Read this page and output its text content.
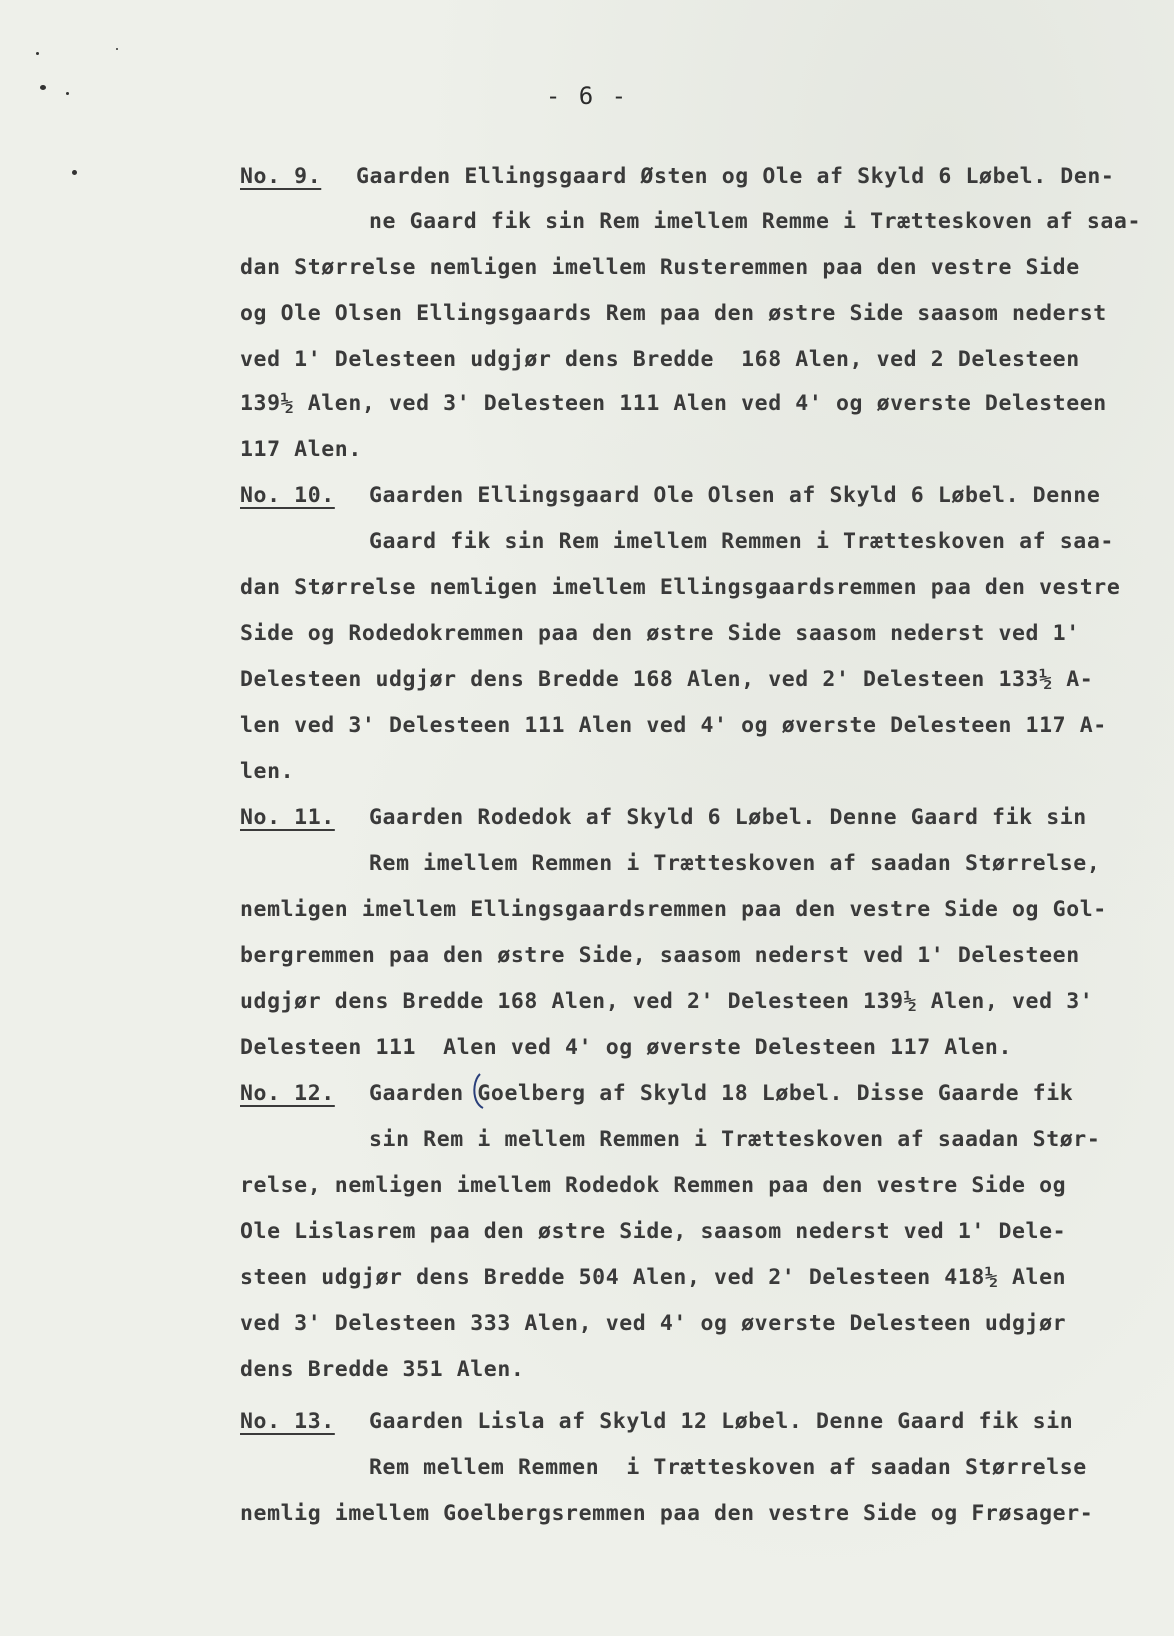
- 6 -
No. 9. Gaarden Ellingsgaard Østen og Ole af Skyld 6 Løbel. Den-
ne Gaard fik sin Rem imellem Remme i Trætteskoven af saa-
dan Størrelse nemligen imellem Rusteremmen paa den vestre Side
og Ole Olsen Ellingsgaards Rem paa den østre Side saasom nederst
ved 1' Delesteen udgjør dens Bredde  168 Alen, ved 2 Delesteen
139½ Alen, ved 3' Delesteen 111 Alen ved 4' og øverste Delesteen
117 Alen.
No. 10. Gaarden Ellingsgaard Ole Olsen af Skyld 6 Løbel. Denne
Gaard fik sin Rem imellem Remmen i Trætteskoven af saa-
dan Størrelse nemligen imellem Ellingsgaardsremmen paa den vestre
Side og Rodedokremmen paa den østre Side saasom nederst ved 1'
Delesteen udgjør dens Bredde 168 Alen, ved 2' Delesteen 133½ A-
len ved 3' Delesteen 111 Alen ved 4' og øverste Delesteen 117 A-
len.
No. 11. Gaarden Rodedok af Skyld 6 Løbel. Denne Gaard fik sin
Rem imellem Remmen i Trætteskoven af saadan Størrelse,
nemligen imellem Ellingsgaardsremmen paa den vestre Side og Gol-
bergremmen paa den østre Side, saasom nederst ved 1' Delesteen
udgjør dens Bredde 168 Alen, ved 2' Delesteen 139½ Alen, ved 3'
Delesteen 111  Alen ved 4' og øverste Delesteen 117 Alen.
No. 12. Gaarden Goelberg af Skyld 18 Løbel. Disse Gaarde fik
sin Rem i mellem Remmen i Trætteskoven af saadan Stør-
relse, nemligen imellem Rodedok Remmen paa den vestre Side og
Ole Lislasrem paa den østre Side, saasom nederst ved 1' Dele-
steen udgjør dens Bredde 504 Alen, ved 2' Delesteen 418½ Alen
ved 3' Delesteen 333 Alen, ved 4' og øverste Delesteen udgjør
dens Bredde 351 Alen.
No. 13. Gaarden Lisla af Skyld 12 Løbel. Denne Gaard fik sin
Rem mellem Remmen  i Trætteskoven af saadan Størrelse
nemlig imellem Goelbergsremmen paa den vestre Side og Frøsager-
